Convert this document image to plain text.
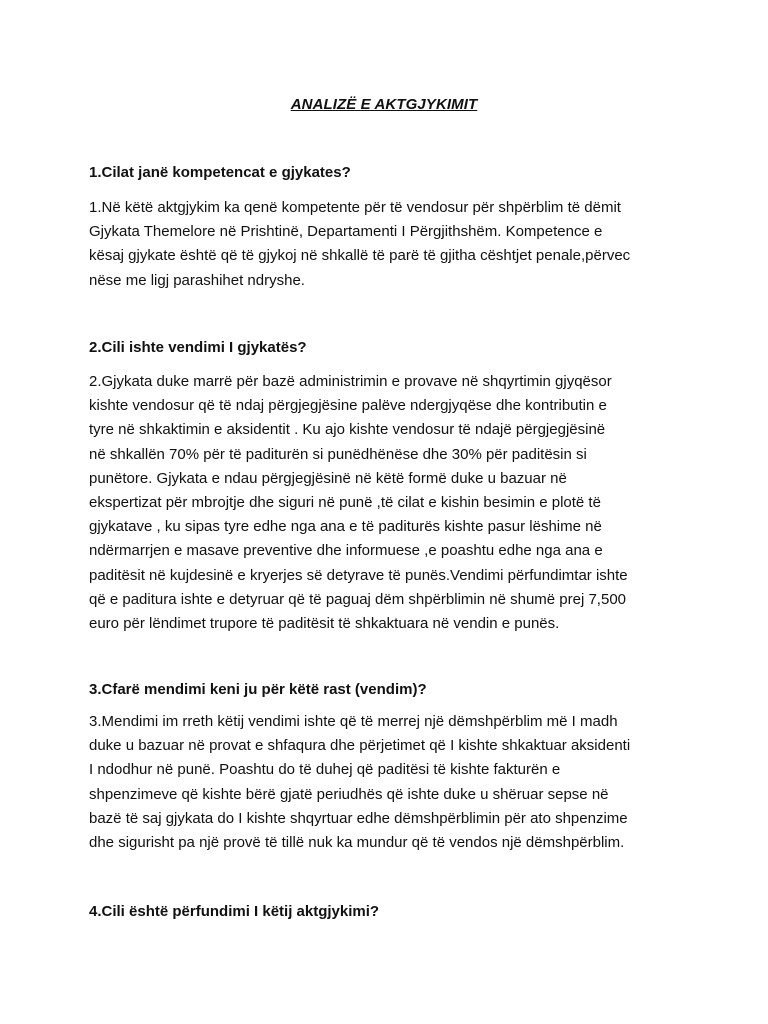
ANALIZË E AKTGJYKIMIT
1.Cilat janë kompetencat e gjykates?
1.Në këtë aktgjykim ka qenë kompetente për të vendosur për shpërblim të dëmit
Gjykata Themelore në Prishtinë, Departamenti I Përgjithshëm. Kompetence e
kësaj gjykate është që të gjykoj në shkallë të parë të gjitha cështjet penale,përvec
nëse me ligj parashihet ndryshe.
2.Cili ishte vendimi I gjykatës?
2.Gjykata duke marrë për bazë administrimin e provave në shqyrtimin gjyqësor
kishte vendosur që të ndaj përgjegjësine palëve ndergjyqëse dhe kontributin e
tyre në shkaktimin e aksidentit . Ku ajo kishte vendosur të ndajë përgjegjësinë
në shkallën 70% për të paditurën si punëdhënëse dhe 30% për paditësin si
punëtore. Gjykata e ndau përgjegjësinë në këtë formë duke u bazuar në
ekspertizat për mbrojtje dhe siguri në punë ,të cilat e kishin besimin e plotë të
gjykatave , ku sipas tyre edhe nga ana e të paditurës kishte pasur lëshime në
ndërmarrjen e masave preventive dhe informuese ,e poashtu edhe nga ana e
paditësit në kujdesinë e kryerjes së detyrave të punës.Vendimi përfundimtar ishte
që e paditura ishte e detyruar që të paguaj dëm shpërblimin në shumë prej 7,500
euro për lëndimet trupore të paditësit të shkaktuara në vendin e punës.
3.Cfarë mendimi keni ju për këtë rast (vendim)?
3.Mendimi im rreth këtij vendimi ishte që të merrej një dëmshpërblim më I madh
duke u bazuar në provat e shfaqura dhe përjetimet që I kishte shkaktuar aksidenti
I ndodhur në punë. Poashtu do të duhej që paditësi të kishte fakturën e
shpenzimeve që kishte bërë gjatë periudhës që ishte duke u shëruar sepse në
bazë të saj gjykata do I kishte shqyrtuar edhe dëmshpërblimin për ato shpenzime
dhe sigurisht pa një provë të tillë nuk ka mundur që të vendos një dëmshpërblim.
4.Cili është përfundimi I këtij aktgjykimi?
